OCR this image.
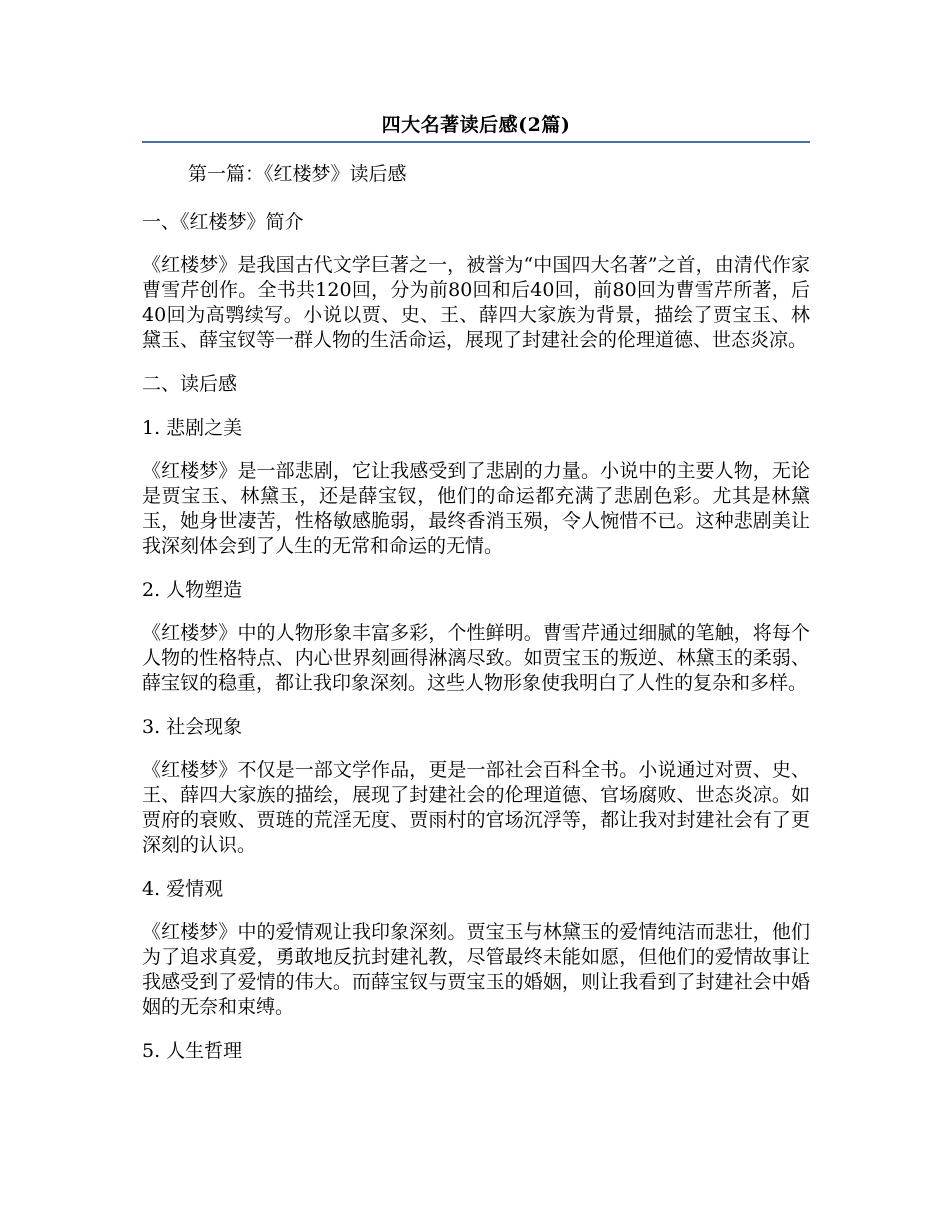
四大名著读后感(2篇)
第一篇：《红楼梦》读后感
一、《红楼梦》简介
《红楼梦》是我国古代文学巨著之一，被誉为“中国四大名著”之首，由清代作家曹雪芹创作。全书共120回，分为前80回和后40回，前80回为曹雪芹所著，后40回为高鹗续写。小说以贾、史、王、薛四大家族为背景，描绘了贾宝玉、林黛玉、薛宝钗等一群人物的生活命运，展现了封建社会的伦理道德、世态炎凉。
二、读后感
1. 悲剧之美
《红楼梦》是一部悲剧，它让我感受到了悲剧的力量。小说中的主要人物，无论是贾宝玉、林黛玉，还是薛宝钗，他们的命运都充满了悲剧色彩。尤其是林黛玉，她身世凄苦，性格敏感脆弱，最终香消玉殒，令人惋惜不已。这种悲剧美让我深刻体会到了人生的无常和命运的无情。
2. 人物塑造
《红楼梦》中的人物形象丰富多彩，个性鲜明。曹雪芹通过细腻的笔触，将每个人物的性格特点、内心世界刻画得淋漓尽致。如贾宝玉的叛逆、林黛玉的柔弱、薛宝钗的稳重，都让我印象深刻。这些人物形象使我明白了人性的复杂和多样。
3. 社会现象
《红楼梦》不仅是一部文学作品，更是一部社会百科全书。小说通过对贾、史、王、薛四大家族的描绘，展现了封建社会的伦理道德、官场腐败、世态炎凉。如贾府的衰败、贾琏的荒淫无度、贾雨村的官场沉浮等，都让我对封建社会有了更深刻的认识。
4. 爱情观
《红楼梦》中的爱情观让我印象深刻。贾宝玉与林黛玉的爱情纯洁而悲壮，他们为了追求真爱，勇敢地反抗封建礼教，尽管最终未能如愿，但他们的爱情故事让我感受到了爱情的伟大。而薛宝钗与贾宝玉的婚姻，则让我看到了封建社会中婚姻的无奈和束缚。
5. 人生哲理
